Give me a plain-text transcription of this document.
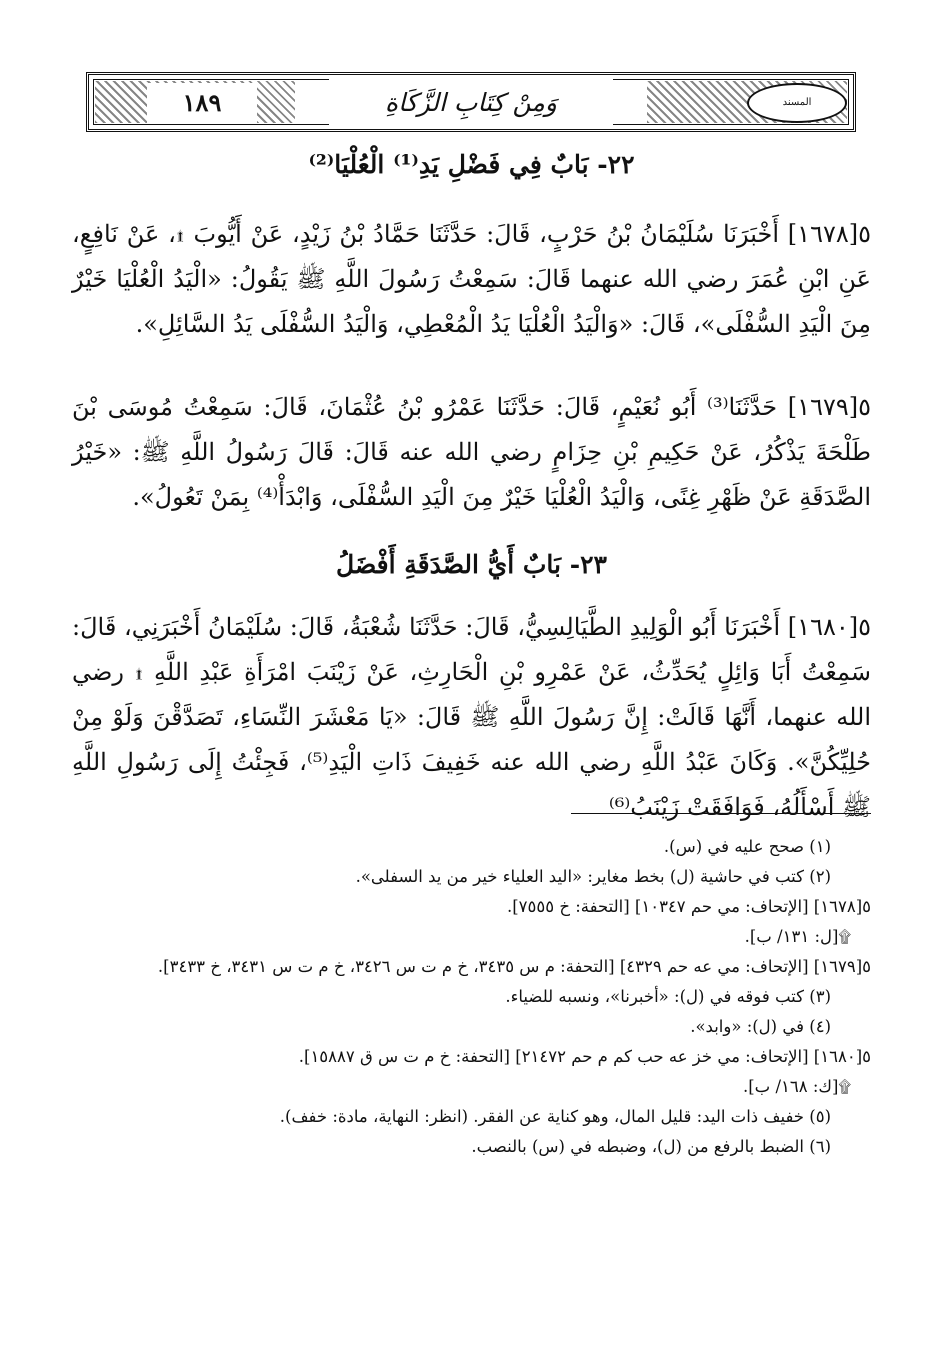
المسند
١٨٩	وَمِنْ كِتَابِ الزَّكَاةِ
٢٢- بَابٌ فِي فَضْلِ يَدِ⁽¹⁾ الْعُلْيَا⁽²⁾
٥[١٦٧٨] أَخْبَرَنَا سُلَيْمَانُ بْنُ حَرْبٍ، قَالَ: حَدَّثَنَا حَمَّادُ بْنُ زَيْدٍ، عَنْ أَيُّوبَ ۩، عَنْ نَافِعٍ، عَنِ ابْنِ عُمَرَ رضي الله عنهما قَالَ: سَمِعْتُ رَسُولَ اللَّهِ ﷺ يَقُولُ: «الْيَدُ الْعُلْيَا خَيْرٌ مِنَ الْيَدِ السُّفْلَى»، قَالَ: «وَالْيَدُ الْعُلْيَا يَدُ الْمُعْطِي، وَالْيَدُ السُّفْلَى يَدُ السَّائِلِ».
٥[١٦٧٩] حَدَّثَنَا⁽³⁾ أَبُو نُعَيْمٍ، قَالَ: حَدَّثَنَا عَمْرُو بْنُ عُثْمَانَ، قَالَ: سَمِعْتُ مُوسَى بْنَ طَلْحَةَ يَذْكُرُ، عَنْ حَكِيمِ بْنِ حِزَامٍ رضي الله عنه قَالَ: قَالَ رَسُولُ اللَّهِ ﷺ: «خَيْرُ الصَّدَقَةِ عَنْ ظَهْرِ غِنًى، وَالْيَدُ الْعُلْيَا خَيْرٌ مِنَ الْيَدِ السُّفْلَى، وَابْدَأْ⁽⁴⁾ بِمَنْ تَعُولُ».
٢٣- بَابٌ أَيُّ الصَّدَقَةِ أَفْضَلُ
٥[١٦٨٠] أَخْبَرَنَا أَبُو الْوَلِيدِ الطَّيَالِسِيُّ، قَالَ: حَدَّثَنَا شُعْبَةُ، قَالَ: سُلَيْمَانُ أَخْبَرَنِي، قَالَ: سَمِعْتُ أَبَا وَائِلٍ يُحَدِّثُ، عَنْ عَمْرِو بْنِ الْحَارِثِ، عَنْ زَيْنَبَ امْرَأَةِ عَبْدِ اللَّهِ ۩ رضي الله عنهما، أَنَّهَا قَالَتْ: إِنَّ رَسُولَ اللَّهِ ﷺ قَالَ: «يَا مَعْشَرَ النِّسَاءِ، تَصَدَّقْنَ وَلَوْ مِنْ حُلِيِّكُنَّ». وَكَانَ عَبْدُ اللَّهِ رضي الله عنه خَفِيفَ ذَاتِ الْيَدِ⁽⁵⁾، فَجِئْتُ إِلَى رَسُولِ اللَّهِ ﷺ أَسْأَلُهُ، فَوَافَقَتْ زَيْنَبُ⁽⁶⁾
(١) صحح عليه في (س).
(٢) كتب في حاشية (ل) بخط مغاير: «اليد العلياء خير من يد السفلى».
٥[١٦٧٨] [الإتحاف: مي حم ١٠٣٤٧] [التحفة: خ ٧٥٥٥].
۩[ل: ١٣١/ ب].
٥[١٦٧٩] [الإتحاف: مي عه حم ٤٣٢٩] [التحفة: م س ٣٤٣٥، خ م ت س ٣٤٢٦، خ م ت س ٣٤٣١، خ ٣٤٣٣].
(٣) كتب فوقه في (ل): «أخبرنا»، ونسبه للضياء.
(٤) في (ل): «وابد».
٥[١٦٨٠] [الإتحاف: مي خز عه حب كم م حم ٢١٤٧٢] [التحفة: خ م ت س ق ١٥٨٨٧].
۩[ك: ١٦٨/ ب].
(٥) خفيف ذات اليد: قليل المال، وهو كناية عن الفقر. (انظر: النهاية، مادة: خفف).
(٦) الضبط بالرفع من (ل)، وضبطه في (س) بالنصب.
